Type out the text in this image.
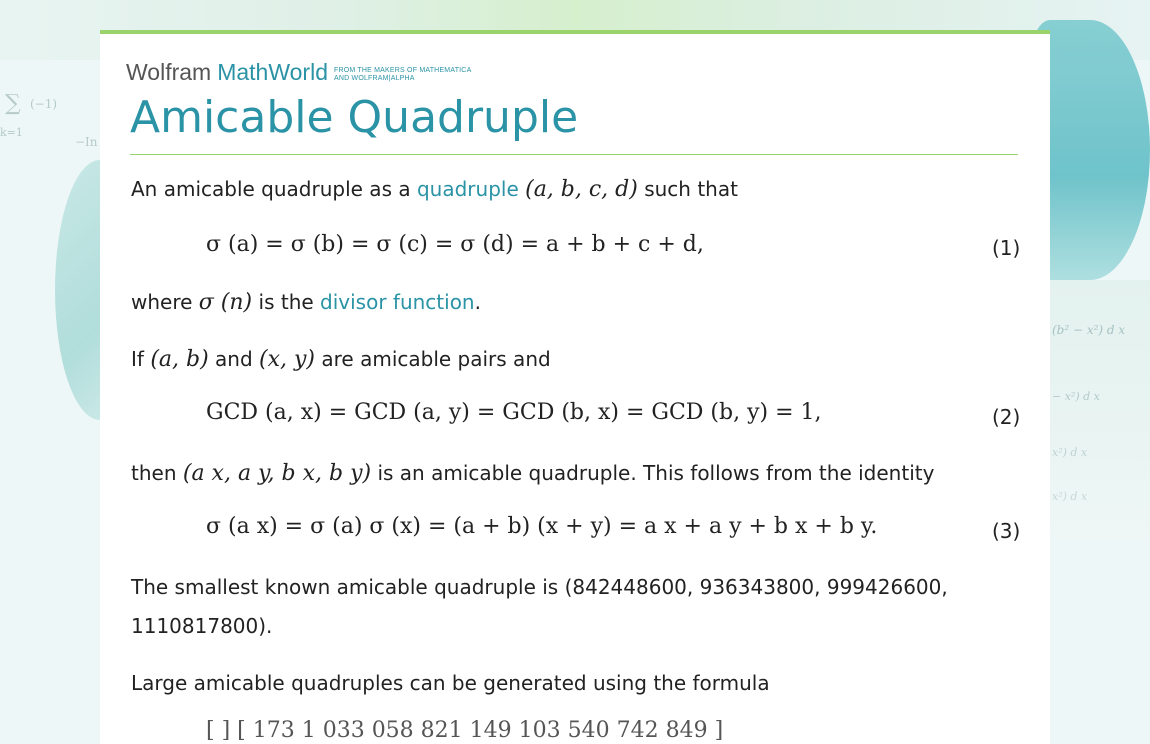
∑ (−1)
k=1
−In
(b² − x²) d x
− x²) d x
x²) d x
x²) d x
Wolfram MathWorld FROM THE MAKERS OF MATHEMATICA
AND WOLFRAM|ALPHA
Amicable Quadruple
An amicable quadruple as a quadruple (a, b, c, d) such that
σ (a) = σ (b) = σ (c) = σ (d) = a + b + c + d,	(1)
where σ (n) is the divisor function.
If (a, b) and (x, y) are amicable pairs and
GCD (a, x) = GCD (a, y) = GCD (b, x) = GCD (b, y) = 1,	(2)
then (a x, a y, b x, b y) is an amicable quadruple. This follows from the identity
σ (a x) = σ (a) σ (x) = (a + b) (x + y) = a x + a y + b x + b y.	(3)
The smallest known amicable quadruple is (842448600, 936343800, 999426600,
1110817800).
Large amicable quadruples can be generated using the formula
[ ] [ 173 1 033 058 821 149 103 540 742 849 ]
